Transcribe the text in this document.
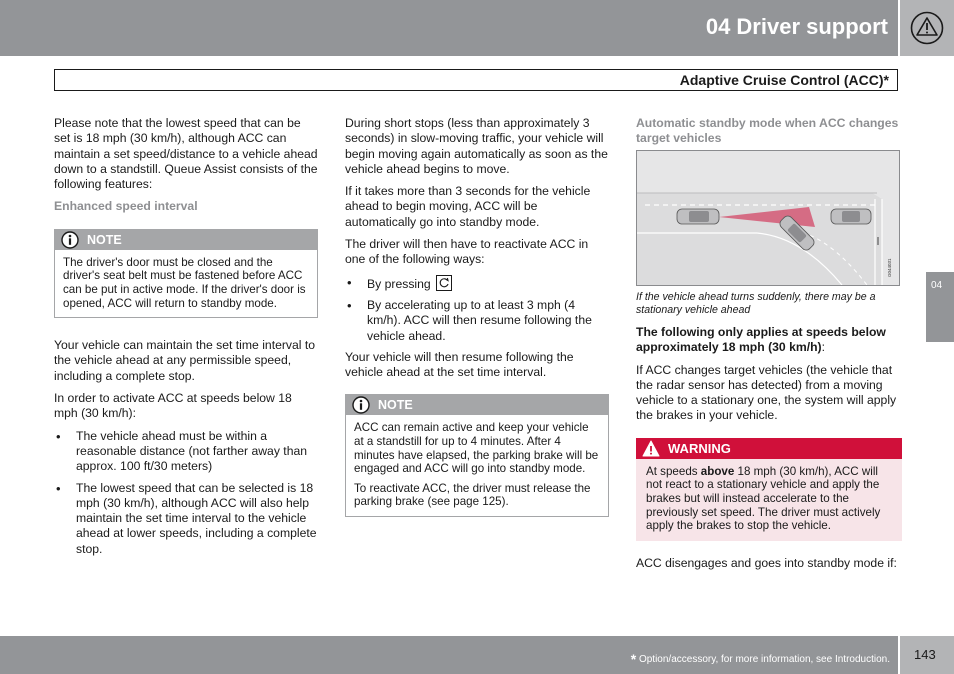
04 Driver support
Adaptive Cruise Control (ACC)*

Please note that the lowest speed that can be set is 18 mph (30 km/h), although ACC can maintain a set speed/distance to a vehicle ahead down to a standstill. Queue Assist consists of the following features:

Enhanced speed interval

NOTE

The driver's door must be closed and the driver's seat belt must be fastened before ACC can be put in active mode. If the driver's door is opened, ACC will return to standby mode.

Your vehicle can maintain the set time interval to the vehicle ahead at any permissible speed, including a complete stop.

In order to activate ACC at speeds below 18 mph (30 km/h):

• The vehicle ahead must be within a reasonable distance (not farther away than approx. 100 ft/30 meters)
• The lowest speed that can be selected is 18 mph (30 km/h), although ACC will also help maintain the set time interval to the vehicle ahead at lower speeds, including a complete stop.

During short stops (less than approximately 3 seconds) in slow-moving traffic, your vehicle will begin moving again automatically as soon as the vehicle ahead begins to move.

If it takes more than 3 seconds for the vehicle ahead to begin moving, ACC will be automatically go into standby mode.

The driver will then have to reactivate ACC in one of the following ways:

• By pressing
• By accelerating up to at least 3 mph (4 km/h). ACC will then resume following the vehicle ahead.

Your vehicle will then resume following the vehicle ahead at the set time interval.

NOTE

ACC can remain active and keep your vehicle at a standstill for up to 4 minutes. After 4 minutes have elapsed, the parking brake will be engaged and ACC will go into standby mode.

To reactivate ACC, the driver must release the parking brake (see page 125).

Automatic standby mode when ACC changes target vehicles

G044031

If the vehicle ahead turns suddenly, there may be a stationary vehicle ahead

The following only applies at speeds below approximately 18 mph (30 km/h):

If ACC changes target vehicles (the vehicle that the radar sensor has detected) from a moving vehicle to a stationary one, the system will apply the brakes in your vehicle.

WARNING
At speeds above 18 mph (30 km/h), ACC will not react to a stationary vehicle and apply the brakes but will instead accelerate to the previously set speed. The driver must actively apply the brakes to stop the vehicle.

ACC disengages and goes into standby mode if:

04
* Option/accessory, for more information, see Introduction. 143
